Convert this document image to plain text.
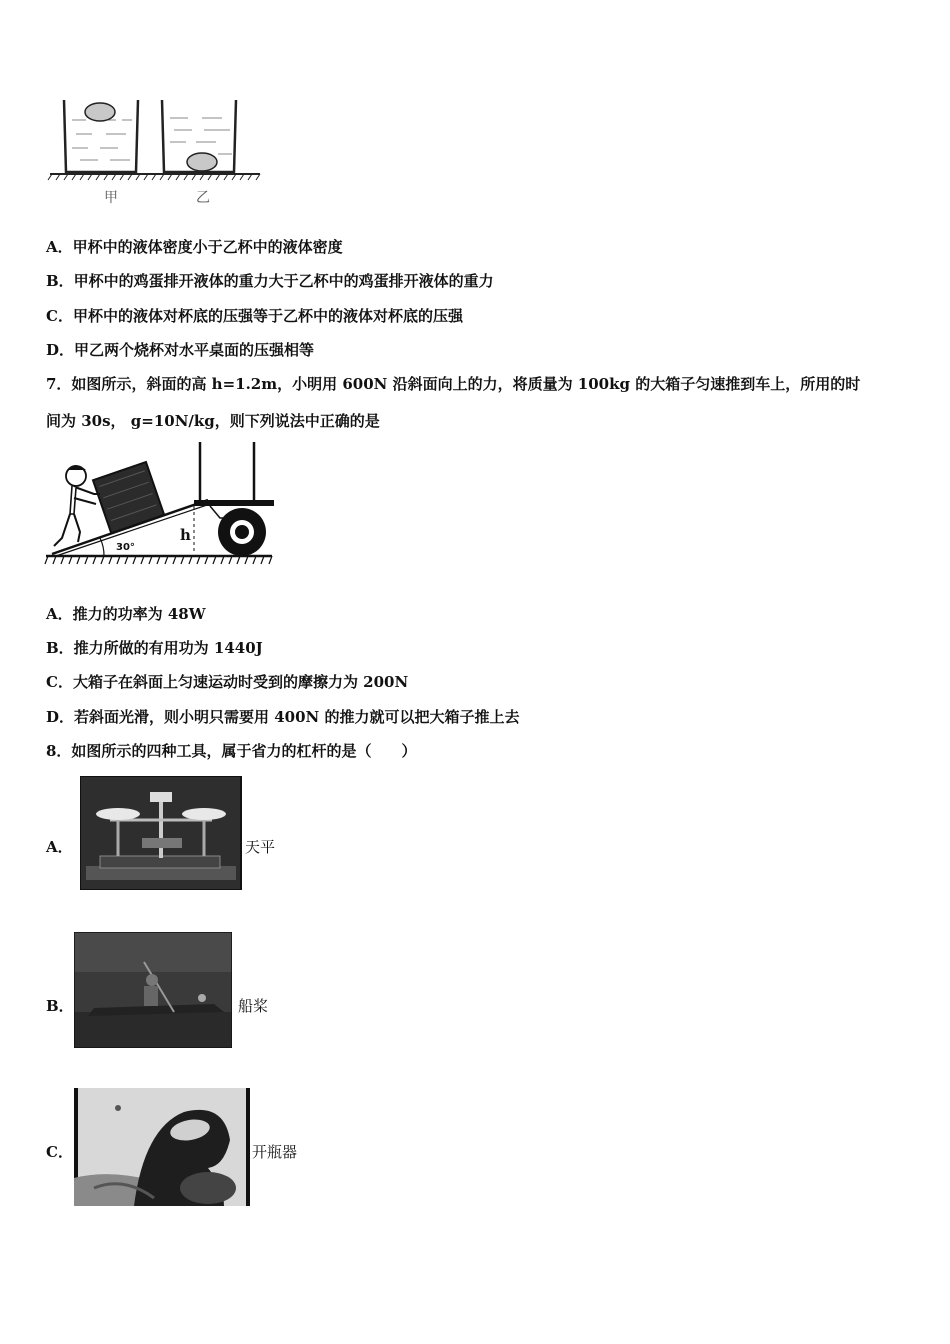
甲	乙
A．甲杯中的液体密度小于乙杯中的液体密度
B．甲杯中的鸡蛋排开液体的重力大于乙杯中的鸡蛋排开液体的重力
C．甲杯中的液体对杯底的压强等于乙杯中的液体对杯底的压强
D．甲乙两个烧杯对水平桌面的压强相等
7．如图所示，斜面的高 h=1.2m，小明用 600N 沿斜面向上的力，将质量为 100kg 的大箱子匀速推到车上，所用的时
间为 30s， g=10N/kg，则下列说法中正确的是
30°
h
A．推力的功率为 48W
B．推力所做的有用功为 1440J
C．大箱子在斜面上匀速运动时受到的摩擦力为 200N
D．若斜面光滑，则小明只需要用 400N 的推力就可以把大箱子推上去
8．如图所示的四种工具，属于省力的杠杆的是（　　）
A．	天平
B．	船桨
C．	开瓶器
